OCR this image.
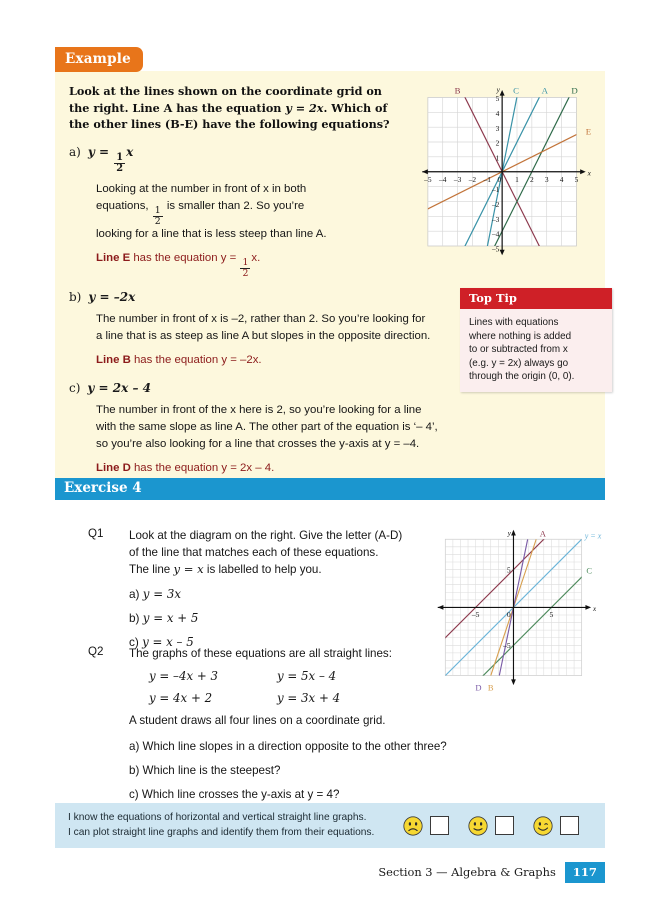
Example
Look at the lines shown on the coordinate grid on
the right. Line A has the equation y = 2x. Which of
the other lines (B-E) have the following equations?
a) y =
$\frac{1}{2}$
x
Looking at the number in front of x in both
equations,
$\frac{1}{2}$
is smaller than 2. So you’re
looking for a line that is less steep than line A.
Line E has the equation y =
$\frac{1}{2}$
x.
b) y = –2x
The number in front of x is –2, rather than 2. So you’re looking for
a line that is as steep as line A but slopes in the opposite direction.
Line B has the equation y = –2x.
c) y = 2x – 4
The number in front of the x here is 2, so you’re looking for a line
with the same slope as line A. The other part of the equation is ‘– 4’,
so you’re also looking for a line that crosses the y-axis at y = –4.
Line D has the equation y = 2x – 4.
x
y
–5 –4 –3 –2 –1 0 1 2 3 4 5
5
4
3
2
1
–1
–2
–3
–4
–5
B	C A D
E
Top Tip
Lines with equations
where nothing is added
to or subtracted from x
(e.g. y = 2x) always go
through the origin (0, 0).
Exercise 4
Q1 Look at the diagram on the right. Give the letter (A-D)
of the line that matches each of these equations.
The line y = x is labelled to help you.
a) y = 3x
b) y = x + 5
c) y = x – 5
Q2 The graphs of these equations are all straight lines:
y = –4x + 3	y = 5x – 4
y = 4x + 2	y = 3x + 4
A student draws all four lines on a coordinate grid.
a) Which line slopes in a direction opposite to the other three?
b) Which line is the steepest?
c) Which line crosses the y-axis at y = 4?
x
y
–5	5
0
5
–5
A
C
B
D
y = x
I know the equations of horizontal and vertical straight line graphs.
I can plot straight line graphs and identify them from their equations.
Section 3 — Algebra & Graphs	117
